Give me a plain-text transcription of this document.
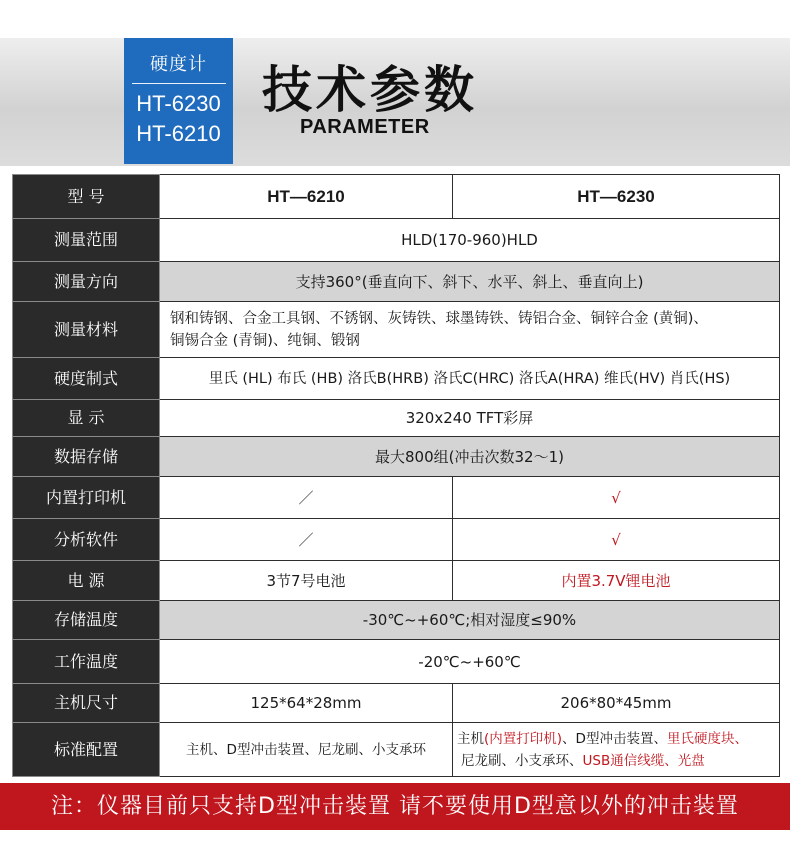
硬度计
HT-6230
HT-6210
技术参数
PARAMETER
型 号	HT—6210	HT—6230
测量范围	HLD(170-960)HLD	
测量方向	支持360°(垂直向下、斜下、水平、斜上、垂直向上)	
测量材料	钢和铸钢、合金工具钢、不锈钢、灰铸铁、球墨铸铁、铸铝合金、铜锌合金 (黄铜)、
铜锡合金 (青铜)、纯铜、锻钢	

硬度制式	里氏 (HL) 布氏 (HB) 洛氏B(HRB) 洛氏C(HRC) 洛氏A(HRA) 维氏(HV) 肖氏(HS)	
显 示	320x240 TFT彩屏	
数据存储	最大800组(冲击次数32～1)	
内置打印机	／	√
分析软件	／	√
电 源	3节7号电池	内置3.7V锂电池
存储温度	-30℃~+60℃;相对湿度≤90%	
工作温度	-20℃~+60℃	
主机尺寸	125*64*28mm	206*80*45mm
标准配置	主机、D型冲击装置、尼龙刷、小支承环	主机(内置打印机)、D型冲击装置、里氏硬度块、
尼龙刷、小支承环、USB通信线缆、光盘
注：仪器目前只支持D型冲击装置 请不要使用D型意以外的冲击装置
